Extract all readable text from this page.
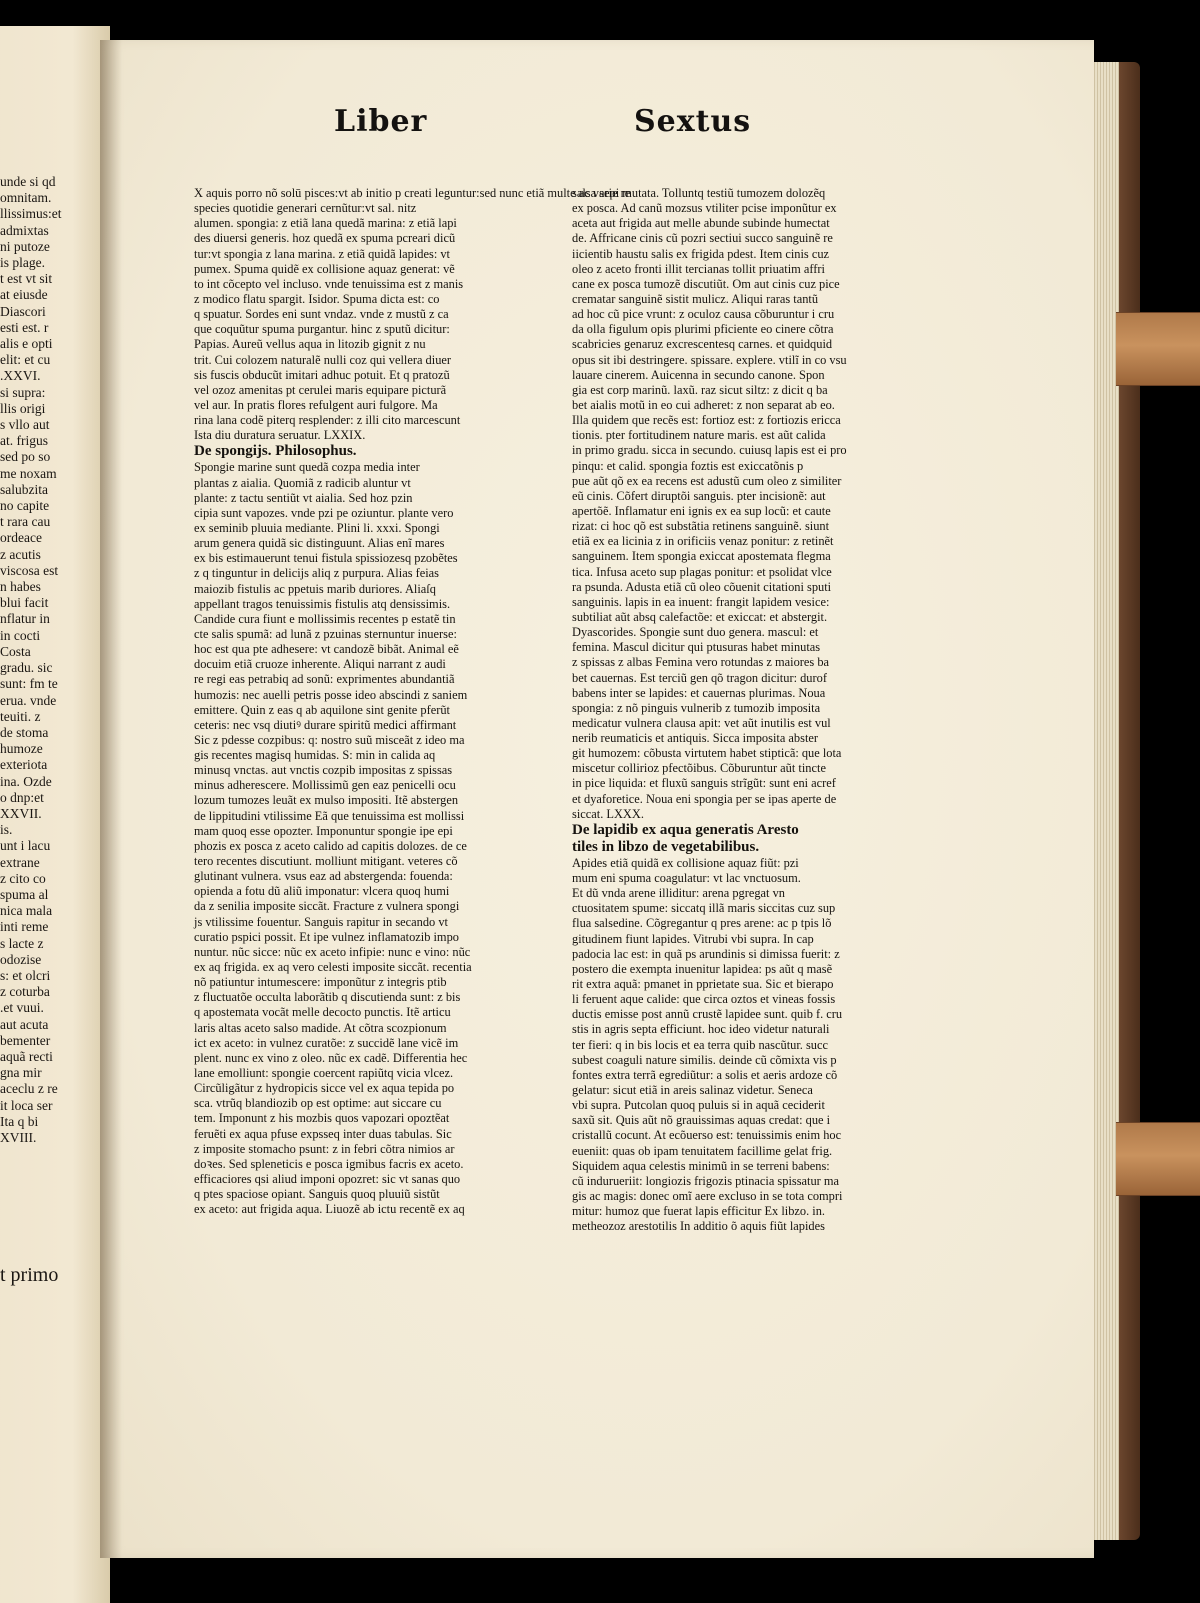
unde si qd
omnitam.
llissimus:et
admixtas
ni putoze
is plage.
t est vt sit
at eiusde
Diascori
esti est. r
alis e opti
elit: et cu
.XXVI.
si supra:
llis origi
s vllo aut
at. frigus
sed po so
me noxam
salubzita
no capite
t rara cau
ordeace
z acutis
viscosa est
n habes
blui facit
nflatur in
in cocti
Costa
gradu. sic
sunt: fm te
erua. vnde
teuiti. z
de stoma
humoze
exteriota
ina. Ozde
o dnp:et
XXVII.
is.
unt i lacu
extrane
z cito co
spuma al
nica mala
inti reme
s lacte z
odozise
s: et olcri
z coturba
.et vuui.
aut acuta
bementer
aquã recti
gna mir
aceclu z re
it loca ser
Ita q bi
XVIII.
t primo
Liber	Sextus
X aquis porro nõ solū pisces:vt ab initio p creati leguntur:sed nunc etiã multe ac varie re
species quotidie generari cernũtur:vt sal. nitz
alumen. spongia: z etiã lana quedã marina: z etiã lapi
des diuersi generis. hoz quedã ex spuma pcreari dicũ
tur:vt spongia z lana marina. z etiã quidã lapides: vt
pumex. Spuma quidẽ ex collisione aquaz generat: vẽ
to int cõcepto vel incluso. vnde tenuissima est z manis
z modico flatu spargit. Isidor. Spuma dicta est: co
q spuatur. Sordes eni sunt vndaz. vnde z mustũ z ca
que coquũtur spuma purgantur. hinc z sputũ dicitur:
Papias. Aureũ vellus aqua in litozib gignit z nu
trit. Cui colozem naturalẽ nulli coz qui vellera diuer
sis fuscis obducũt imitari adhuc potuit. Et q pratozũ
vel ozoz amenitas pt cerulei maris equipare picturã
vel aur. In pratis flores refulgent auri fulgore. Ma
rina lana codẽ piterq resplender: z illi cito marcescunt
Ista diu duratura seruatur. LXXIX.
De spongijs. Philosophus.
Spongie marine sunt quedã cozpa media inter
plantas z aialia. Quomiã z radicib aluntur vt
plante: z tactu sentiũt vt aialia. Sed hoz pzin
cipia sunt vapozes. vnde pzi pe oziuntur. plante vero
ex seminib pluuia mediante. Plini li. xxxi. Spongi
arum genera quidã sic distinguunt. Alias enĩ mares
ex bis estimauerunt tenui fistula spissiozesq pzobẽtes
z q tinguntur in delicijs aliq z purpura. Alias feias
maiozib fistulis ac ppetuis marib duriores. Aliaſq
appellant tragos tenuissimis fistulis atq densissimis.
Candide cura fiunt e mollissimis recentes p estatẽ tin
cte salis spumã: ad lunã z pzuinas sternuntur inuerse:
hoc est qua pte adhesere: vt candozẽ bibãt. Animal eẽ
docuim etiã cruoze inherente. Aliqui narrant z audi
re regi eas petrabiq ad sonũ: exprimentes abundantiã
humozis: nec auelli petris posse ideo abscindi z saniem
emittere. Quin z eas q ab aquilone sint genite pferũt
ceteris: nec vsq diutiꝰ durare spiritũ medici affirmant
Sic z pdesse cozpibus: q: nostro suũ misceãt z ideo ma
gis recentes magisq humidas. S: min in calida aq
minusq vnctas. aut vnctis cozpib impositas z spissas
minus adherescere. Mollissimũ gen eaz penicelli ocu
lozum tumozes leuãt ex mulso impositi. Itẽ abstergen
de lippitudini vtilissime Eã que tenuissima est mollissi
mam quoq esse opozter. Imponuntur spongie ipe epi
phozis ex posca z aceto calido ad capitis dolozes. de ce
tero recentes discutiunt. molliunt mitigant. veteres cõ
glutinant vulnera. vsus eaz ad abstergenda: fouenda:
opienda a fotu dũ aliũ imponatur: vlcera quoq humi
da z senilia imposite siccãt. Fracture z vulnera spongi
js vtilissime fouentur. Sanguis rapitur in secando vt
curatio pspici possit. Et ipe vulnez inflamatozib impo
nuntur. nũc sicce: nũc ex aceto infipie: nunc e vino: nũc
ex aq frigida. ex aq vero celesti imposite siccãt. recentia
nõ patiuntur intumescere: imponũtur z integris ptib
z fluctuatõe occulta laborãtib q discutienda sunt: z bis
q apostemata vocãt melle decocto punctis. Itẽ articu
laris altas aceto salso madide. At cõtra scozpionum
ict ex aceto: in vulnez curatõe: z succidẽ lane vicẽ im
plent. nunc ex vino z oleo. nũc ex cadẽ. Differentia hec
lane emolliunt: spongie coercent rapiũtq vicia vlcez.
Circũligãtur z hydropicis sicce vel ex aqua tepida po
sca. vtrũq blandiozib op est optime: aut siccare cu
tem. Imponunt z his mozbis quos vapozari opoztẽat
feruẽti ex aqua pfuse expsseq inter duas tabulas. Sic
z imposite stomacho psunt: z in febri cõtra nimios ar
doꝛes. Sed spleneticis e posca igmibus facris ex aceto.
efficaciores qsi aliud imponi opozret: sic vt sanas quo
q ptes spaciose opiant. Sanguis quoq pluuiũ sistũt
ex aceto: aut frigida aqua. Liuozẽ ab ictu recentẽ ex aq
salsa sepi mutata. Tolluntq testiũ tumozem dolozẽq
ex posca. Ad canũ mozsus vtiliter pcise imponũtur ex
aceta aut frigida aut melle abunde subinde humectat
de. Affricane cinis cũ pozri sectiui succo sanguinẽ re
iicientib haustu salis ex frigida pdest. Item cinis cuz
oleo z aceto fronti illit tercianas tollit priuatim affri
cane ex posca tumozẽ discutiũt. Om aut cinis cuz pice
crematar sanguinẽ sistit mulicz. Aliqui raras tantũ
ad hoc cũ pice vrunt: z oculoz causa cõburuntur i cru
da olla figulum opis plurimi pficiente eo cinere cõtra
scabricies genaruz excrescentesq carnes. et quidquid
opus sit ibi destringere. spissare. explere. vtilĩ in co vsu
lauare cinerem. Auicenna in secundo canone. Spon
gia est corp marinũ. laxũ. raz sicut siltz: z dicit q ba
bet aialis motũ in eo cui adheret: z non separat ab eo.
Illa quidem que recẽs est: fortioz est: z fortiozis ericca
tionis. pter fortitudinem nature maris. est aũt calida
in primo gradu. sicca in secundo. cuiusq lapis est ei pro
pinqu: et calid. spongia foztis est exiccatõnis p
pue aũt qõ ex ea recens est adustũ cum oleo z similiter
eũ cinis. Cõfert diruptõi sanguis. pter incisionẽ: aut
apertõẽ. Inflamatur eni ignis ex ea sup locũ: et caute
rizat: ci hoc qõ est substãtia retinens sanguinẽ. siunt
etiã ex ea licinia z in orificiis venaz ponitur: z retinẽt
sanguinem. Item spongia exiccat apostemata flegma
tica. Infusa aceto sup plagas ponitur: et psolidat vlce
ra psunda. Adusta etiã cũ oleo cõuenit citationi sputi
sanguinis. lapis in ea inuent: frangit lapidem vesice:
subtiliat aũt absq calefactõe: et exiccat: et abstergit.
Dyascorides. Spongie sunt duo genera. mascul: et
femina. Mascul dicitur qui ptusuras habet minutas
z spissas z albas Femina vero rotundas z maiores ba
bet cauernas. Est terciũ gen qõ tragon dicitur: durof
babens inter se lapides: et cauernas plurimas. Noua
spongia: z nõ pinguis vulnerib z tumozib imposita
medicatur vulnera clausa apit: vet aũt inutilis est vul
nerib reumaticis et antiquis. Sicca imposita abster
git humozem: cõbusta virtutem habet stipticã: que lota
miscetur collirioz pfectõibus. Cõburuntur aũt tincte
in pice liquida: et fluxũ sanguis strĩgũt: sunt eni acref
et dyaforetice. Noua eni spongia per se ipas aperte de
siccat. LXXX.
De lapidib ex aqua generatis Aresto
tiles in libzo de vegetabilibus.
Apides etiã quidã ex collisione aquaz fiũt: pzi
mum eni spuma coagulatur: vt lac vnctuosum.
Et dũ vnda arene illiditur: arena pgregat vn
ctuositatem spume: siccatq illã maris siccitas cuz sup
flua salsedine. Cõgregantur q pres arene: ac p tpis lõ
gitudinem fiunt lapides. Vitrubi vbi supra. In cap
padocia lac est: in quã ps arundinis si dimissa fuerit: z
postero die exempta inuenitur lapidea: ps aũt q masẽ
rit extra aquã: pmanet in pprietate sua. Sic et bierapo
li feruent aque calide: que circa oztos et vineas fossis
ductis emisse post annũ crustẽ lapidee sunt. quib f. cru
stis in agris septa efficiunt. hoc ideo videtur naturali
ter fieri: q in bis locis et ea terra quib nascũtur. succ
subest coaguli nature similis. deinde cũ cõmixta vis p
fontes extra terrã egrediũtur: a solis et aeris ardoze cõ
gelatur: sicut etiã in areis salinaz videtur. Seneca
vbi supra. Putcolan quoq puluis si in aquã ceciderit
saxũ sit. Quis aũt nõ grauissimas aquas credat: que i
cristallũ cocunt. At ecõuerso est: tenuissimis enim hoc
eueniit: quas ob ipam tenuitatem facillime gelat frig.
Siquidem aqua celestis minimũ in se terreni babens:
cũ indurueriit: longiozis frigozis ptinacia spissatur ma
gis ac magis: donec omĩ aere excluso in se tota compri
mitur: humoz que fuerat lapis efficitur Ex libzo. in.
metheozoz arestotilis In additio õ aquis fiũt lapides
